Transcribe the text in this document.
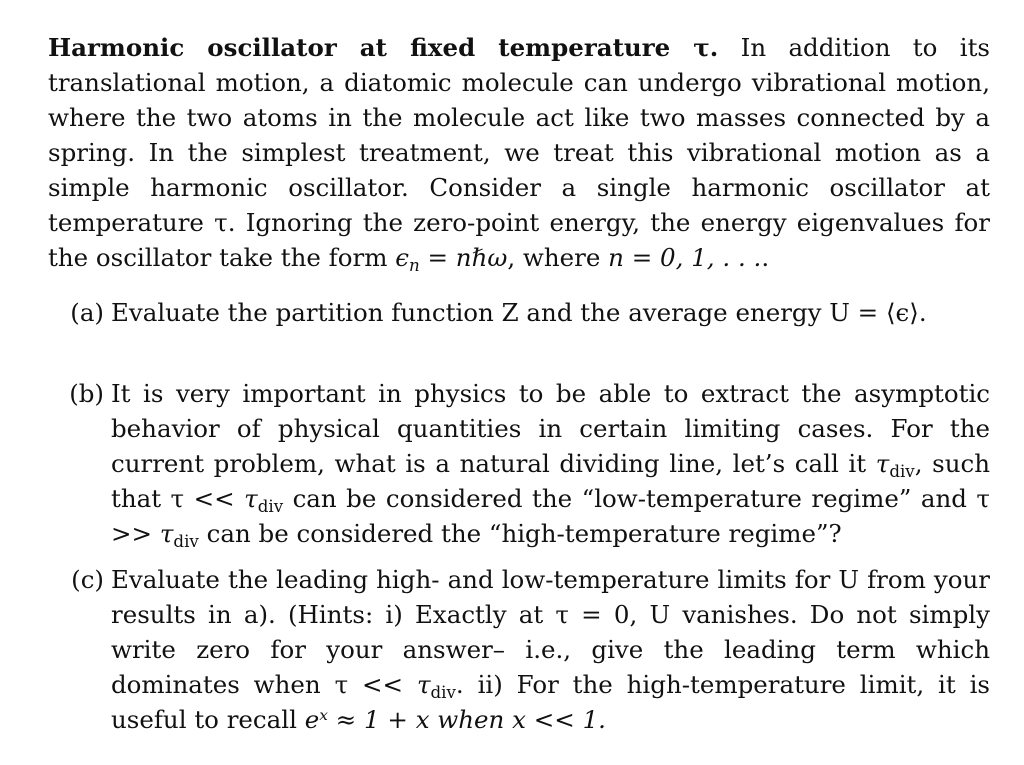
Harmonic oscillator at fixed temperature τ. In addition to its translational motion, a diatomic molecule can undergo vibrational motion, where the two atoms in the molecule act like two masses connected by a spring. In the simplest treatment, we treat this vibrational motion as a simple harmonic oscillator. Consider a single harmonic oscillator at temperature τ. Ignoring the zero-point energy, the energy eigenvalues for the oscillator take the form $\epsilon_n$ = nℏω, where n = 0, 1, . . ..

(a) Evaluate the partition function Z and the average energy U = ⟨ϵ⟩.
(b) It is very important in physics to be able to extract the asymptotic behavior of physical quantities in certain limiting cases. For the current problem, what is a natural dividing line, let’s call it $\tau_{div}$, such that $\tau << \tau_{div}$ can be considered the “low-temperature regime” and $\tau >> \tau_{div}$ can be considered the “high-temperature regime”?
(c) Evaluate the leading high- and low-temperature limits for U from your results in a). (Hints: i) Exactly at τ = 0, U vanishes. Do not simply write zero for your answer– i.e., give the leading term which dominates when $\tau << \tau_{div}$. ii) For the high-temperature limit, it is useful to recall eˣ ≈ 1 + x when x << 1.
